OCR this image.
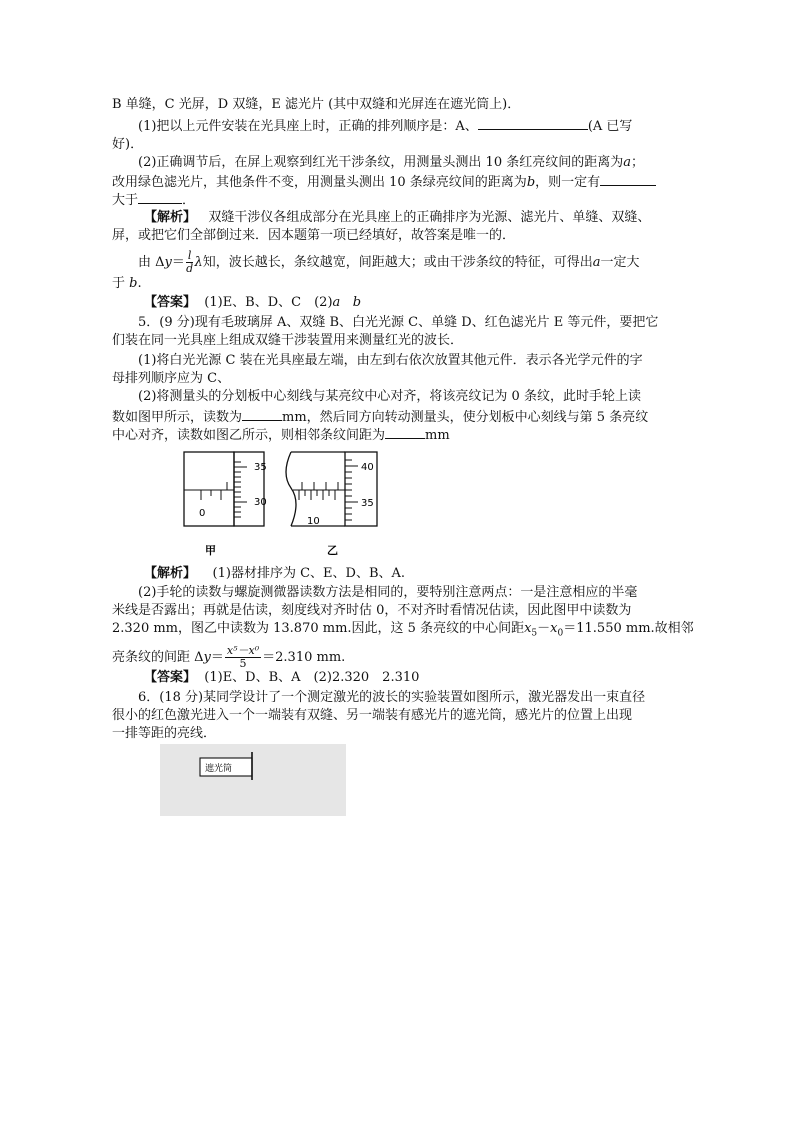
B 单缝，C 光屏，D 双缝，E 滤光片 (其中双缝和光屏连在遮光筒上)．
(1)把以上元件安装在光具座上时，正确的排列顺序是：A、	(A 已写
好)．
(2)正确调节后，在屏上观察到红光干涉条纹，用测量头测出 10 条红亮纹间的距离为a；
改用绿色滤光片，其他条件不变，用测量头测出 10 条绿亮纹间的距离为b，则一定有
大于	．
【解析】 双缝干涉仪各组成部分在光具座上的正确排序为光源、滤光片、单缝、双缝、
屏，或把它们全部倒过来．因本题第一项已经填好，故答案是唯一的．
由 $\Delta y= \frac{l}{d}$ λ知，波长越长，条纹越宽，间距越大；或由干涉条纹的特征，可得出a一定大
于 b.
【答案】 (1)E、B、D、C　(2)a b
5．(9 分)现有毛玻璃屏 A、双缝 B、白光光源 C、单缝 D、红色滤光片 E 等元件，要把它
们装在同一光具座上组成双缝干涉装置用来测量红光的波长．
(1)将白光光源 C 装在光具座最左端，由左到右依次放置其他元件．表示各光学元件的字
母排列顺序应为 C、
(2)将测量头的分划板中心刻线与某亮纹中心对齐，将该亮纹记为 0 条纹，此时手轮上读
数如图甲所示，读数为	mm，然后同方向转动测量头，使分划板中心刻线与第 5 条亮纹
中心对齐，读数如图乙所示，则相邻条纹间距为	mm
0
35
30
甲
10
40
35
乙
【解析】 (1)器材排序为 C、E、D、B、A.
(2)手轮的读数与螺旋测微器读数方法是相同的，要特别注意两点：一是注意相应的半毫
米线是否露出；再就是估读，刻度线对齐时估 0，不对齐时看情况估读，因此图甲中读数为
2.320 mm，图乙中读数为 13.870 mm.因此，这 5 条亮纹的中心间距$x_5-x_0=11.550$ mm.故相邻
亮条纹的间距 $\Delta y= \frac{\text{x⁵－x⁰}}{5} =2.310$ mm.
【答案】 (1)E、D、B、A　(2)2.320　2.310
6．(18 分)某同学设计了一个测定激光的波长的实验装置如图所示，激光器发出一束直径
很小的红色激光进入一个一端装有双缝、另一端装有感光片的遮光筒，感光片的位置上出现
一排等距的亮线．
遮光筒
